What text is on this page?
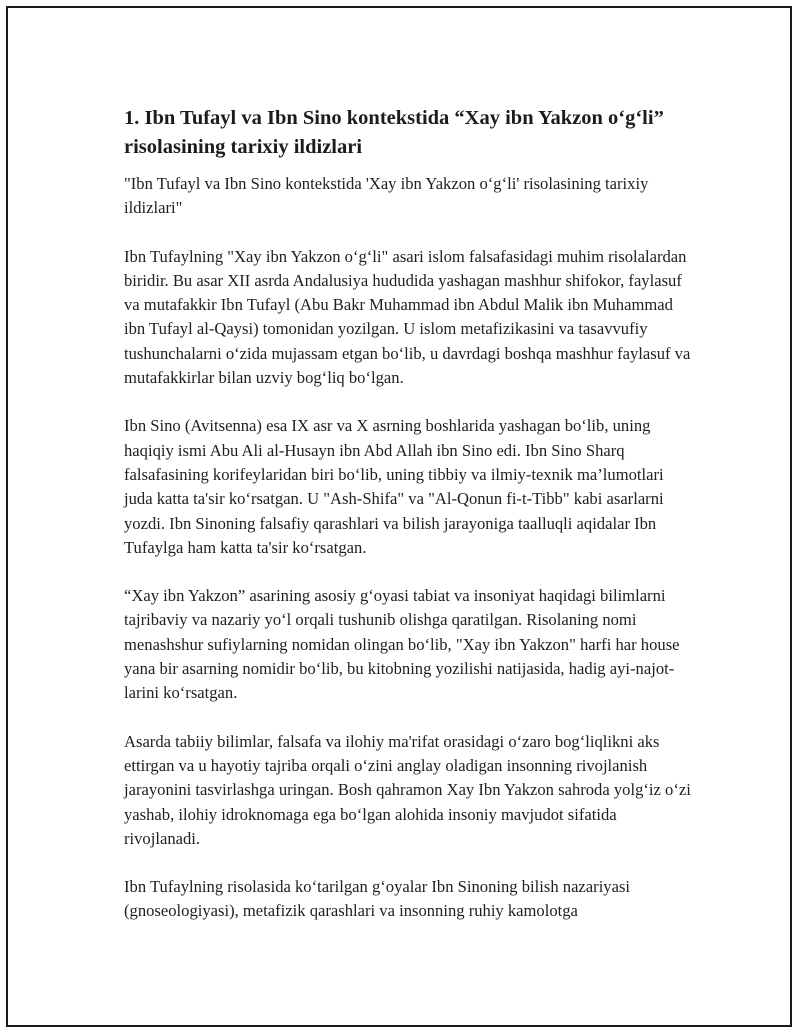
1. Ibn Tufayl va Ibn Sino kontekstida “Xay ibn Yakzon o‘g‘li” risolasining tarixiy ildizlari

"Ibn Tufayl va Ibn Sino kontekstida 'Xay ibn Yakzon o‘g‘li' risolasining tarixiy ildizlari"

Ibn Tufaylning "Xay ibn Yakzon o‘g‘li" asari islom falsafasidagi muhim risolalardan biridir. Bu asar XII asrda Andalusiya hududida yashagan mashhur shifokor, faylasuf va mutafakkir Ibn Tufayl (Abu Bakr Muhammad ibn Abdul Malik ibn Muhammad ibn Tufayl al-Qaysi) tomonidan yozilgan. U islom metafizikasini va tasavvufiy tushunchalarni o‘zida mujassam etgan bo‘lib, u davrdagi boshqa mashhur faylasuf va mutafakkirlar bilan uzviy bog‘liq bo‘lgan.

Ibn Sino (Avitsenna) esa IX asr va X asrning boshlarida yashagan bo‘lib, uning haqiqiy ismi Abu Ali al-Husayn ibn Abd Allah ibn Sino edi. Ibn Sino Sharq falsafasining korifeylaridan biri bo‘lib, uning tibbiy va ilmiy-texnik ma’lumotlari juda katta ta'sir ko‘rsatgan. U "Ash-Shifa" va "Al-Qonun fi-t-Tibb" kabi asarlarni yozdi. Ibn Sinoning falsafiy qarashlari va bilish jarayoniga taalluqli aqidalar Ibn Tufaylga ham katta ta'sir ko‘rsatgan.

“Xay ibn Yakzon” asarining asosiy g‘oyasi tabiat va insoniyat haqidagi bilimlarni tajribaviy va nazariy yo‘l orqali tushunib olishga qaratilgan. Risolaning nomi menashshur sufiylarning nomidan olingan bo‘lib, "Xay ibn Yakzon" harfi har house yana bir asarning nomidir bo‘lib, bu kitobning yozilishi natijasida, hadig ayi-najot-larini ko‘rsatgan.

Asarda tabiiy bilimlar, falsafa va ilohiy ma'rifat orasidagi o‘zaro bog‘liqlikni aks ettirgan va u hayotiy tajriba orqali o‘zini anglay oladigan insonning rivojlanish jarayonini tasvirlashga uringan. Bosh qahramon Xay Ibn Yakzon sahroda yolg‘iz o‘zi yashab, ilohiy idroknomaga ega bo‘lgan alohida insoniy mavjudot sifatida rivojlanadi.

Ibn Tufaylning risolasida ko‘tarilgan g‘oyalar Ibn Sinoning bilish nazariyasi (gnoseologiyasi), metafizik qarashlari va insonning ruhiy kamolotga
